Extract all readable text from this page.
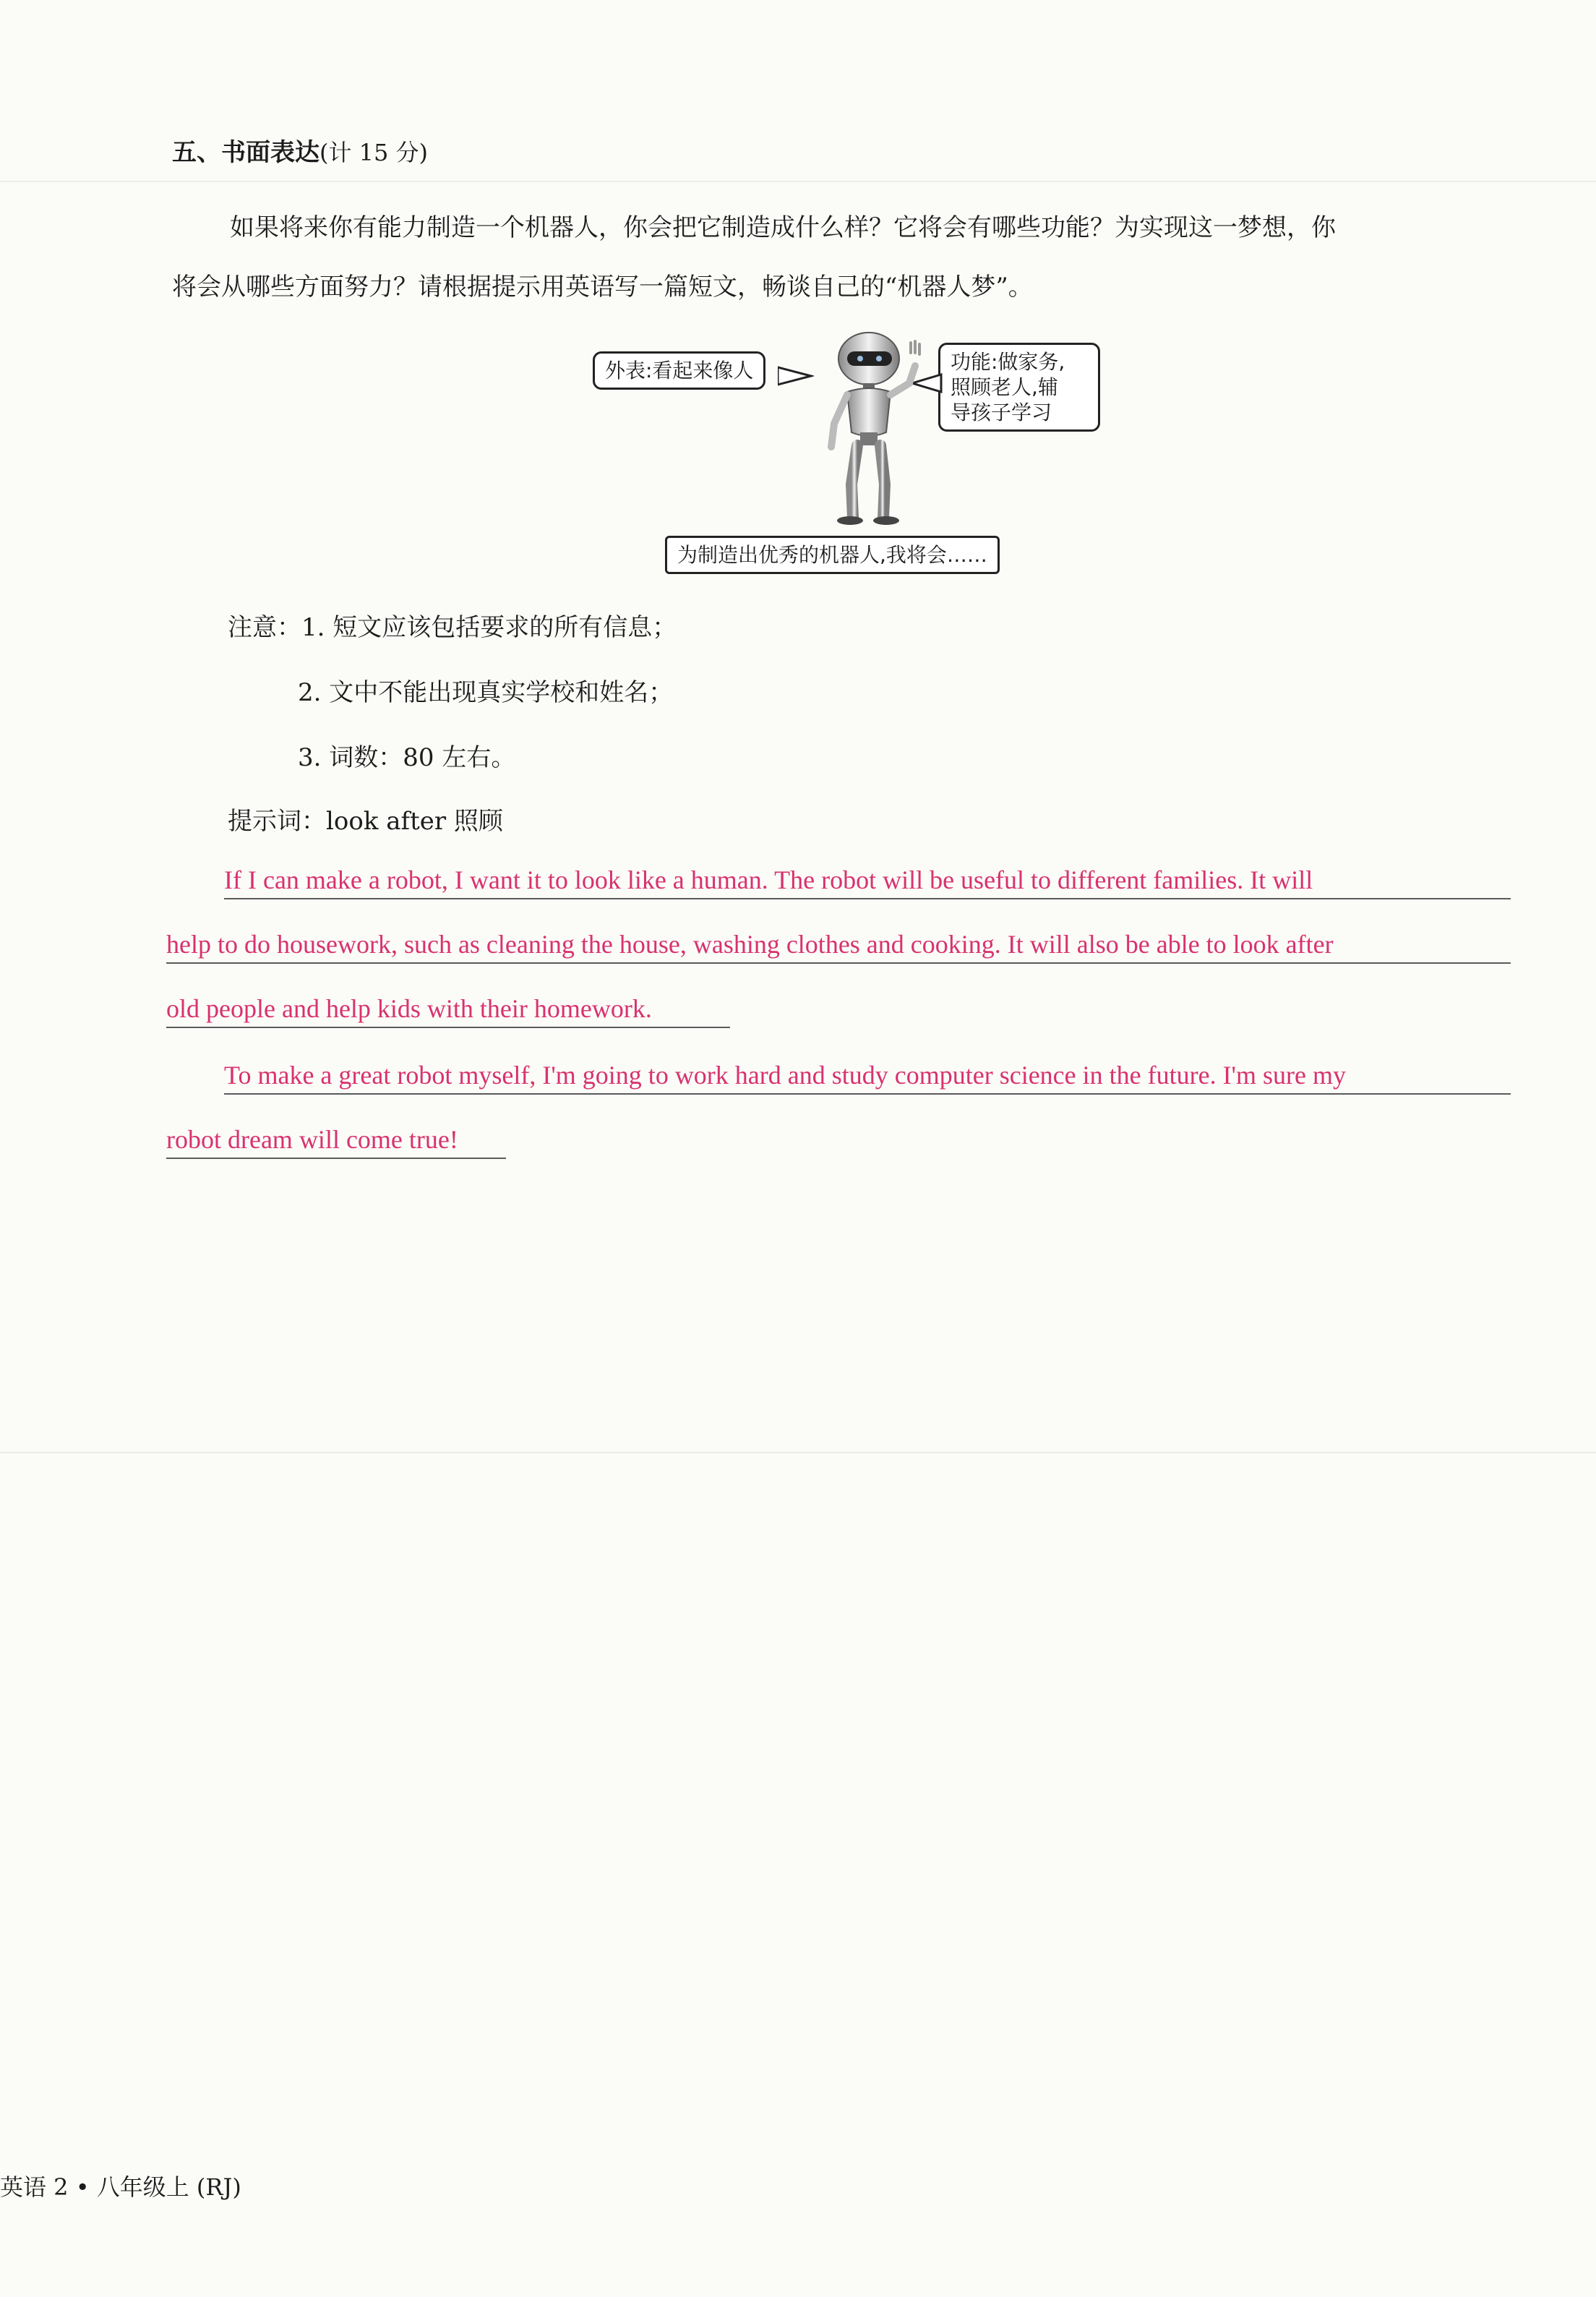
五、书面表达(计 15 分)
如果将来你有能力制造一个机器人，你会把它制造成什么样？它将会有哪些功能？为实现这一梦想，你
将会从哪些方面努力？请根据提示用英语写一篇短文，畅谈自己的“机器人梦”。
外表:看起来像人	功能:做家务,
照顾老人,辅
导孩子学习
为制造出优秀的机器人,我将会……
注意：1. 短文应该包括要求的所有信息；
2. 文中不能出现真实学校和姓名；
3. 词数：80 左右。
提示词：look after 照顾
If I can make a robot, I want it to look like a human. The robot will be useful to different families. It will
help to do housework, such as cleaning the house, washing clothes and cooking. It will also be able to look after
old people and help kids with their homework.
To make a great robot myself, I'm going to work hard and study computer science in the future. I'm sure my
robot dream will come true!
英语 2 • 八年级上 (RJ)
